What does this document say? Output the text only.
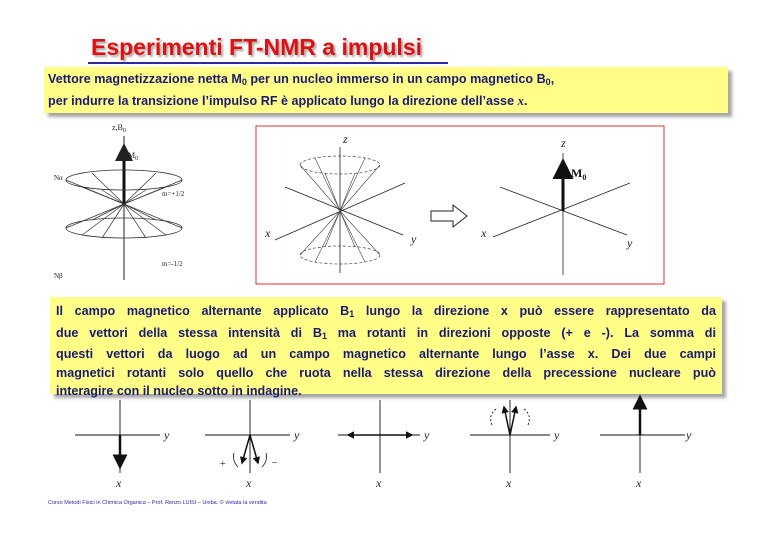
Esperimenti FT-NMR a impulsi
Vettore magnetizzazione netta $M_0$ per un nucleo immerso in un campo magnetico $B_0$,
per indurre la transizione l’impulso RF è applicato lungo la direzione dell’asse x.
$z,B_0$
$M_0$
Nα
Nβ
m=+1/2
m=-1/2
z
x	y
z
x
y
$M_0$

Il campo magnetico alternante applicato $B_1$ lungo la direzione x può essere rappresentato da due vettori della stessa intensità di $B_1$ ma rotanti in direzioni opposte (+ e -). La somma di questi vettori da luogo ad un campo magnetico alternante lungo l’asse x. Dei due campi magnetici rotanti solo quello che ruota nella stessa direzione della precessione nucleare può interagire con il nucleo sotto in indagine.

y
x
y
x
y
x
y
x
y
x
+	–
Corso Metodi Fisici in Chimica Organica – Prof. Renzo LUISI – Uniba. © vietata la vendita
